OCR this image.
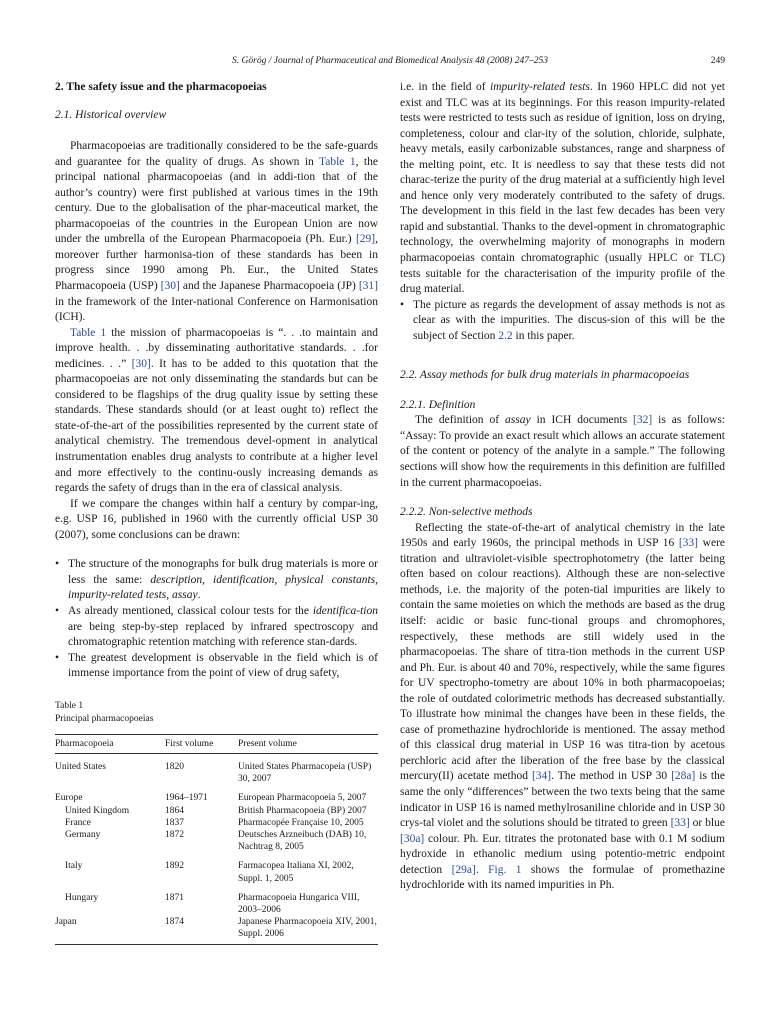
S. Görög / Journal of Pharmaceutical and Biomedical Analysis 48 (2008) 247–253	249
2. The safety issue and the pharmacopoeias
2.1. Historical overview

Pharmacopoeias are traditionally considered to be the safe-guards and guarantee for the quality of drugs. As shown in Table 1, the principal national pharmacopoeias (and in addi-tion that of the author’s country) were first published at various times in the 19th century. Due to the globalisation of the phar-maceutical market, the pharmacopoeias of the countries in the European Union are now under the umbrella of the European Pharmacopoeia (Ph. Eur.) [29], moreover further harmonisa-tion of these standards has been in progress since 1990 among Ph. Eur., the United States Pharmacopoeia (USP) [30] and the Japanese Pharmacopoeia (JP) [31] in the framework of the Inter-national Conference on Harmonisation (ICH).

Table 1 the mission of pharmacopoeias is “. . .to maintain and improve health. . .by disseminating authoritative standards. . .for medicines. . .” [30]. It has to be added to this quotation that the pharmacopoeias are not only disseminating the standards but can be considered to be flagships of the drug quality issue by setting these standards. These standards should (or at least ought to) reflect the state-of-the-art of the possibilities represented by the current state of analytical chemistry. The tremendous devel-opment in analytical instrumentation enables drug analysts to contribute at a higher level and more effectively to the continu-ously increasing demands as regards the safety of drugs than in the era of classical analysis.

If we compare the changes within half a century by compar-ing, e.g. USP 16, published in 1960 with the currently official USP 30 (2007), some conclusions can be drawn:

• The structure of the monographs for bulk drug materials is more or less the same: description, identification, physical constants, impurity-related tests, assay.
• As already mentioned, classical colour tests for the identifica-tion are being step-by-step replaced by infrared spectroscopy and chromatographic retention matching with reference stan-dards.
• The greatest development is observable in the field which is of immense importance from the point of view of drug safety,
Table 1
Principal pharmacopoeias
Pharmacopoeia	First volume	Present volume
United States	1820	United States Pharmacopeia (USP) 30, 2007
Europe	1964–1971	European Pharmacopoeia 5, 2007
United Kingdom	1864	British Pharmacopoeia (BP) 2007
France	1837	Pharmacopée Française 10, 2005
Germany	1872	Deutsches Arzneibuch (DAB) 10, Nachtrag 8, 2005
Italy	1892	Farmacopea Italiana XI, 2002, Suppl. 1, 2005
Hungary	1871	Pharmacopoeia Hungarica VIII, 2003–2006
Japan	1874	Japanese Pharmacopoeia XIV, 2001, Suppl. 2006

i.e. in the field of impurity-related tests. In 1960 HPLC did not yet exist and TLC was at its beginnings. For this reason impurity-related tests were restricted to tests such as residue of ignition, loss on drying, completeness, colour and clar-ity of the solution, chloride, sulphate, heavy metals, easily carbonizable substances, range and sharpness of the melting point, etc. It is needless to say that these tests did not charac-terize the purity of the drug material at a sufficiently high level and hence only very moderately contributed to the safety of drugs. The development in this field in the last few decades has been very rapid and substantial. Thanks to the devel-opment in chromatographic technology, the overwhelming majority of monographs in modern pharmacopoeias contain chromatographic (usually HPLC or TLC) tests suitable for the characterisation of the impurity profile of the drug material.

• The picture as regards the development of assay methods is not as clear as with the impurities. The discus-sion of this will be the subject of Section 2.2 in this paper.
2.2. Assay methods for bulk drug materials in pharmacopoeias
2.2.1. Definition

The definition of assay in ICH documents [32] is as follows: “Assay: To provide an exact result which allows an accurate statement of the content or potency of the analyte in a sample.” The following sections will show how the requirements in this definition are fulfilled in the current pharmacopoeias.

2.2.2. Non-selective methods

Reflecting the state-of-the-art of analytical chemistry in the late 1950s and early 1960s, the principal methods in USP 16 [33] were titration and ultraviolet-visible spectrophotometry (the latter being often based on colour reactions). Although these are non-selective methods, i.e. the majority of the poten-tial impurities are likely to contain the same moieties on which the methods are based as the drug itself: acidic or basic func-tional groups and chromophores, respectively, these methods are still widely used in the pharmacopoeias. The share of titra-tion methods in the current USP and Ph. Eur. is about 40 and 70%, respectively, while the same figures for UV spectropho-tometry are about 10% in both pharmacopoeias; the role of outdated colorimetric methods has decreased substantially. To illustrate how minimal the changes have been in these fields, the case of promethazine hydrochloride is mentioned. The assay method of this classical drug material in USP 16 was titra-tion by acetous perchloric acid after the liberation of the free base by the classical mercury(II) acetate method [34]. The method in USP 30 [28a] is the same the only “differences” between the two texts being that the same indicator in USP 16 is named methylrosaniline chloride and in USP 30 crys-tal violet and the solutions should be titrated to green [33] or blue [30a] colour. Ph. Eur. titrates the protonated base with 0.1 M sodium hydroxide in ethanolic medium using potentio-metric endpoint detection [29a]. Fig. 1 shows the formulae of promethazine hydrochloride with its named impurities in Ph.
